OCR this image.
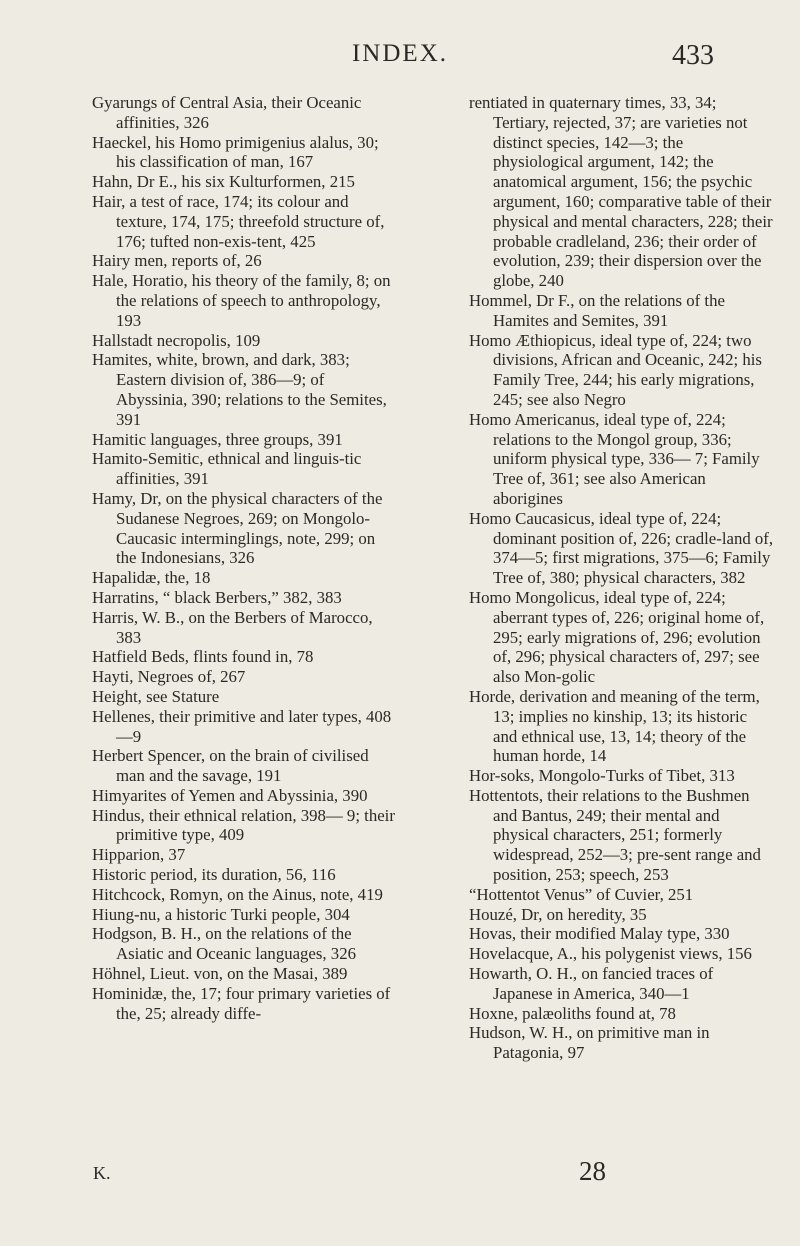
INDEX.	433

Gyarungs of Central Asia, their Oceanic affinities, 326

Haeckel, his Homo primigenius alalus, 30; his classification of man, 167

Hahn, Dr E., his six Kulturformen, 215

Hair, a test of race, 174; its colour and texture, 174, 175; threefold structure of, 176; tufted non-exis-tent, 425

Hairy men, reports of, 26

Hale, Horatio, his theory of the family, 8; on the relations of speech to anthropology, 193

Hallstadt necropolis, 109

Hamites, white, brown, and dark, 383; Eastern division of, 386—9; of Abyssinia, 390; relations to the Semites, 391

Hamitic languages, three groups, 391

Hamito-Semitic, ethnical and linguis-tic affinities, 391

Hamy, Dr, on the physical characters of the Sudanese Negroes, 269; on Mongolo-Caucasic interminglings, note, 299; on the Indonesians, 326

Hapalidæ, the, 18

Harratins, “ black Berbers,” 382, 383

Harris, W. B., on the Berbers of Marocco, 383

Hatfield Beds, flints found in, 78

Hayti, Negroes of, 267

Height, see Stature

Hellenes, their primitive and later types, 408—9

Herbert Spencer, on the brain of civilised man and the savage, 191

Himyarites of Yemen and Abyssinia, 390

Hindus, their ethnical relation, 398— 9; their primitive type, 409

Hipparion, 37

Historic period, its duration, 56, 116

Hitchcock, Romyn, on the Ainus, note, 419

Hiung-nu, a historic Turki people, 304

Hodgson, B. H., on the relations of the Asiatic and Oceanic languages, 326

Höhnel, Lieut. von, on the Masai, 389

Hominidæ, the, 17; four primary varieties of the, 25; already diffe-

rentiated in quaternary times, 33, 34; Tertiary, rejected, 37; are varieties not distinct species, 142—3; the physiological argument, 142; the anatomical argument, 156; the psychic argument, 160; comparative table of their physical and mental characters, 228; their probable cradleland, 236; their order of evolution, 239; their dispersion over the globe, 240

Hommel, Dr F., on the relations of the Hamites and Semites, 391

Homo Æthiopicus, ideal type of, 224; two divisions, African and Oceanic, 242; his Family Tree, 244; his early migrations, 245; see also Negro

Homo Americanus, ideal type of, 224; relations to the Mongol group, 336; uniform physical type, 336— 7; Family Tree of, 361; see also American aborigines

Homo Caucasicus, ideal type of, 224; dominant position of, 226; cradle-land of, 374—5; first migrations, 375—6; Family Tree of, 380; physical characters, 382

Homo Mongolicus, ideal type of, 224; aberrant types of, 226; original home of, 295; early migrations of, 296; evolution of, 296; physical characters of, 297; see also Mon-golic

Horde, derivation and meaning of the term, 13; implies no kinship, 13; its historic and ethnical use, 13, 14; theory of the human horde, 14

Hor-soks, Mongolo-Turks of Tibet, 313

Hottentots, their relations to the Bushmen and Bantus, 249; their mental and physical characters, 251; formerly widespread, 252—3; pre-sent range and position, 253; speech, 253

“Hottentot Venus” of Cuvier, 251

Houzé, Dr, on heredity, 35

Hovas, their modified Malay type, 330

Hovelacque, A., his polygenist views, 156

Howarth, O. H., on fancied traces of Japanese in America, 340—1

Hoxne, palæoliths found at, 78

Hudson, W. H., on primitive man in Patagonia, 97

K.	28
